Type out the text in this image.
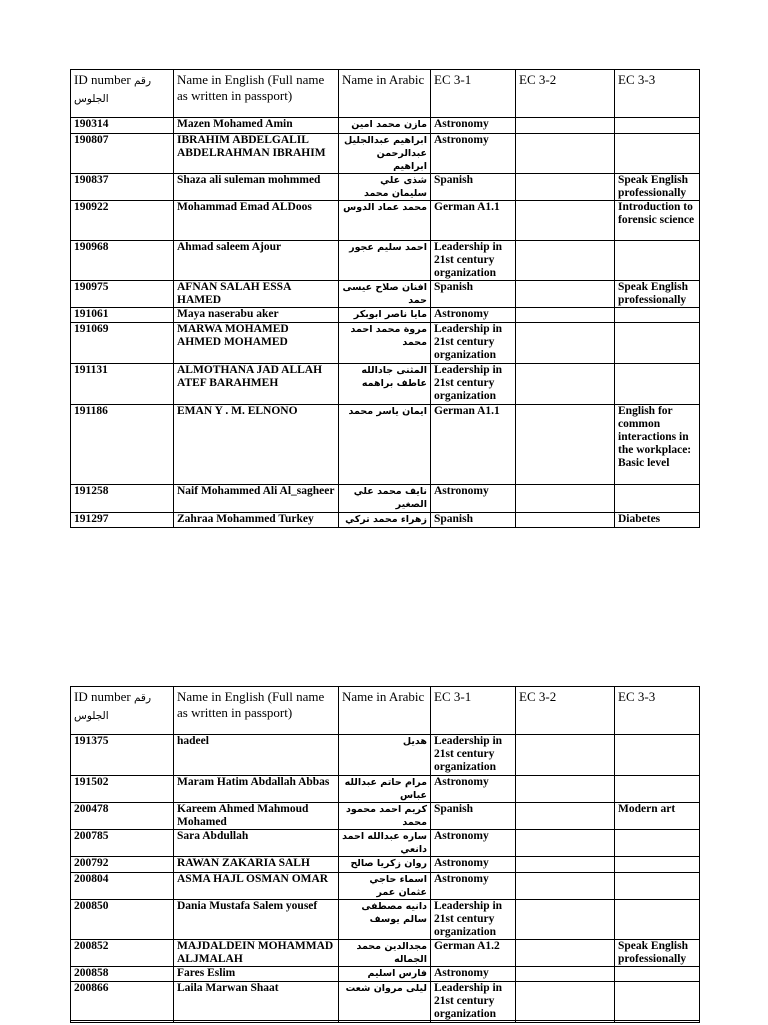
ID number رقم الجلوس	Name in English (Full name as written in passport)	Name in Arabic	EC 3-1	EC 3-2	EC 3-3
190314	Mazen Mohamed Amin	مازن محمد امين	Astronomy		
190807	IBRAHIM ABDELGALIL ABDELRAHMAN IBRAHIM	ابراهيم عبدالجليل عبدالرحمن ابراهيم	Astronomy		
190837	Shaza ali suleman mohmmed	شذى علي سليمان محمد	Spanish		Speak English professionally
190922	Mohammad Emad ALDoos	محمد عماد الدوس	German A1.1		Introduction to forensic science
190968	Ahmad saleem Ajour	احمد سليم عجور	Leadership in 21st century organization		
190975	AFNAN SALAH ESSA HAMED	افنان صلاح عيسى حمد	Spanish		Speak English professionally
191061	Maya naserabu aker	مايا ناصر ابوبكر	Astronomy		
191069	MARWA MOHAMED AHMED MOHAMED	مروة محمد احمد محمد	Leadership in 21st century organization		
191131	ALMOTHANA JAD ALLAH ATEF BARAHMEH	المثنى جادالله عاطف براهمه	Leadership in 21st century organization		
191186	EMAN Y . M. ELNONO	ايمان ياسر محمد	German A1.1		English for common interactions in the workplace: Basic level
191258	Naif Mohammed Ali Al_sagheer	نايف محمد علي الصغير	Astronomy		
191297	Zahraa Mohammed Turkey	زهراء محمد تركي	Spanish		Diabetes
ID number رقم الجلوس	Name in English (Full name as written in passport)	Name in Arabic	EC 3-1	EC 3-2	EC 3-3
191375	hadeel	هديل	Leadership in 21st century organization		
191502	Maram Hatim Abdallah Abbas	مرام حاتم عبدالله عباس	Astronomy		
200478	Kareem Ahmed Mahmoud Mohamed	كريم احمد محمود محمد	Spanish		Modern art
200785	Sara Abdullah	ساره عبدالله احمد دانعي	Astronomy		
200792	RAWAN ZAKARIA SALH	روان زكريا صالح	Astronomy		
200804	ASMA HAJL OSMAN OMAR	اسماء حاجي عثمان عمر	Astronomy		
200850	Dania Mustafa Salem yousef	دانيه مصطفى سالم يوسف	Leadership in 21st century organization		
200852	MAJDALDEIN MOHAMMAD ALJMALAH	مجدالدين محمد الجماله	German A1.2		Speak English professionally
200858	Fares Eslim	فارس اسليم	Astronomy		
200866	Laila Marwan Shaat	ليلى مروان شعت	Leadership in 21st century organization		
